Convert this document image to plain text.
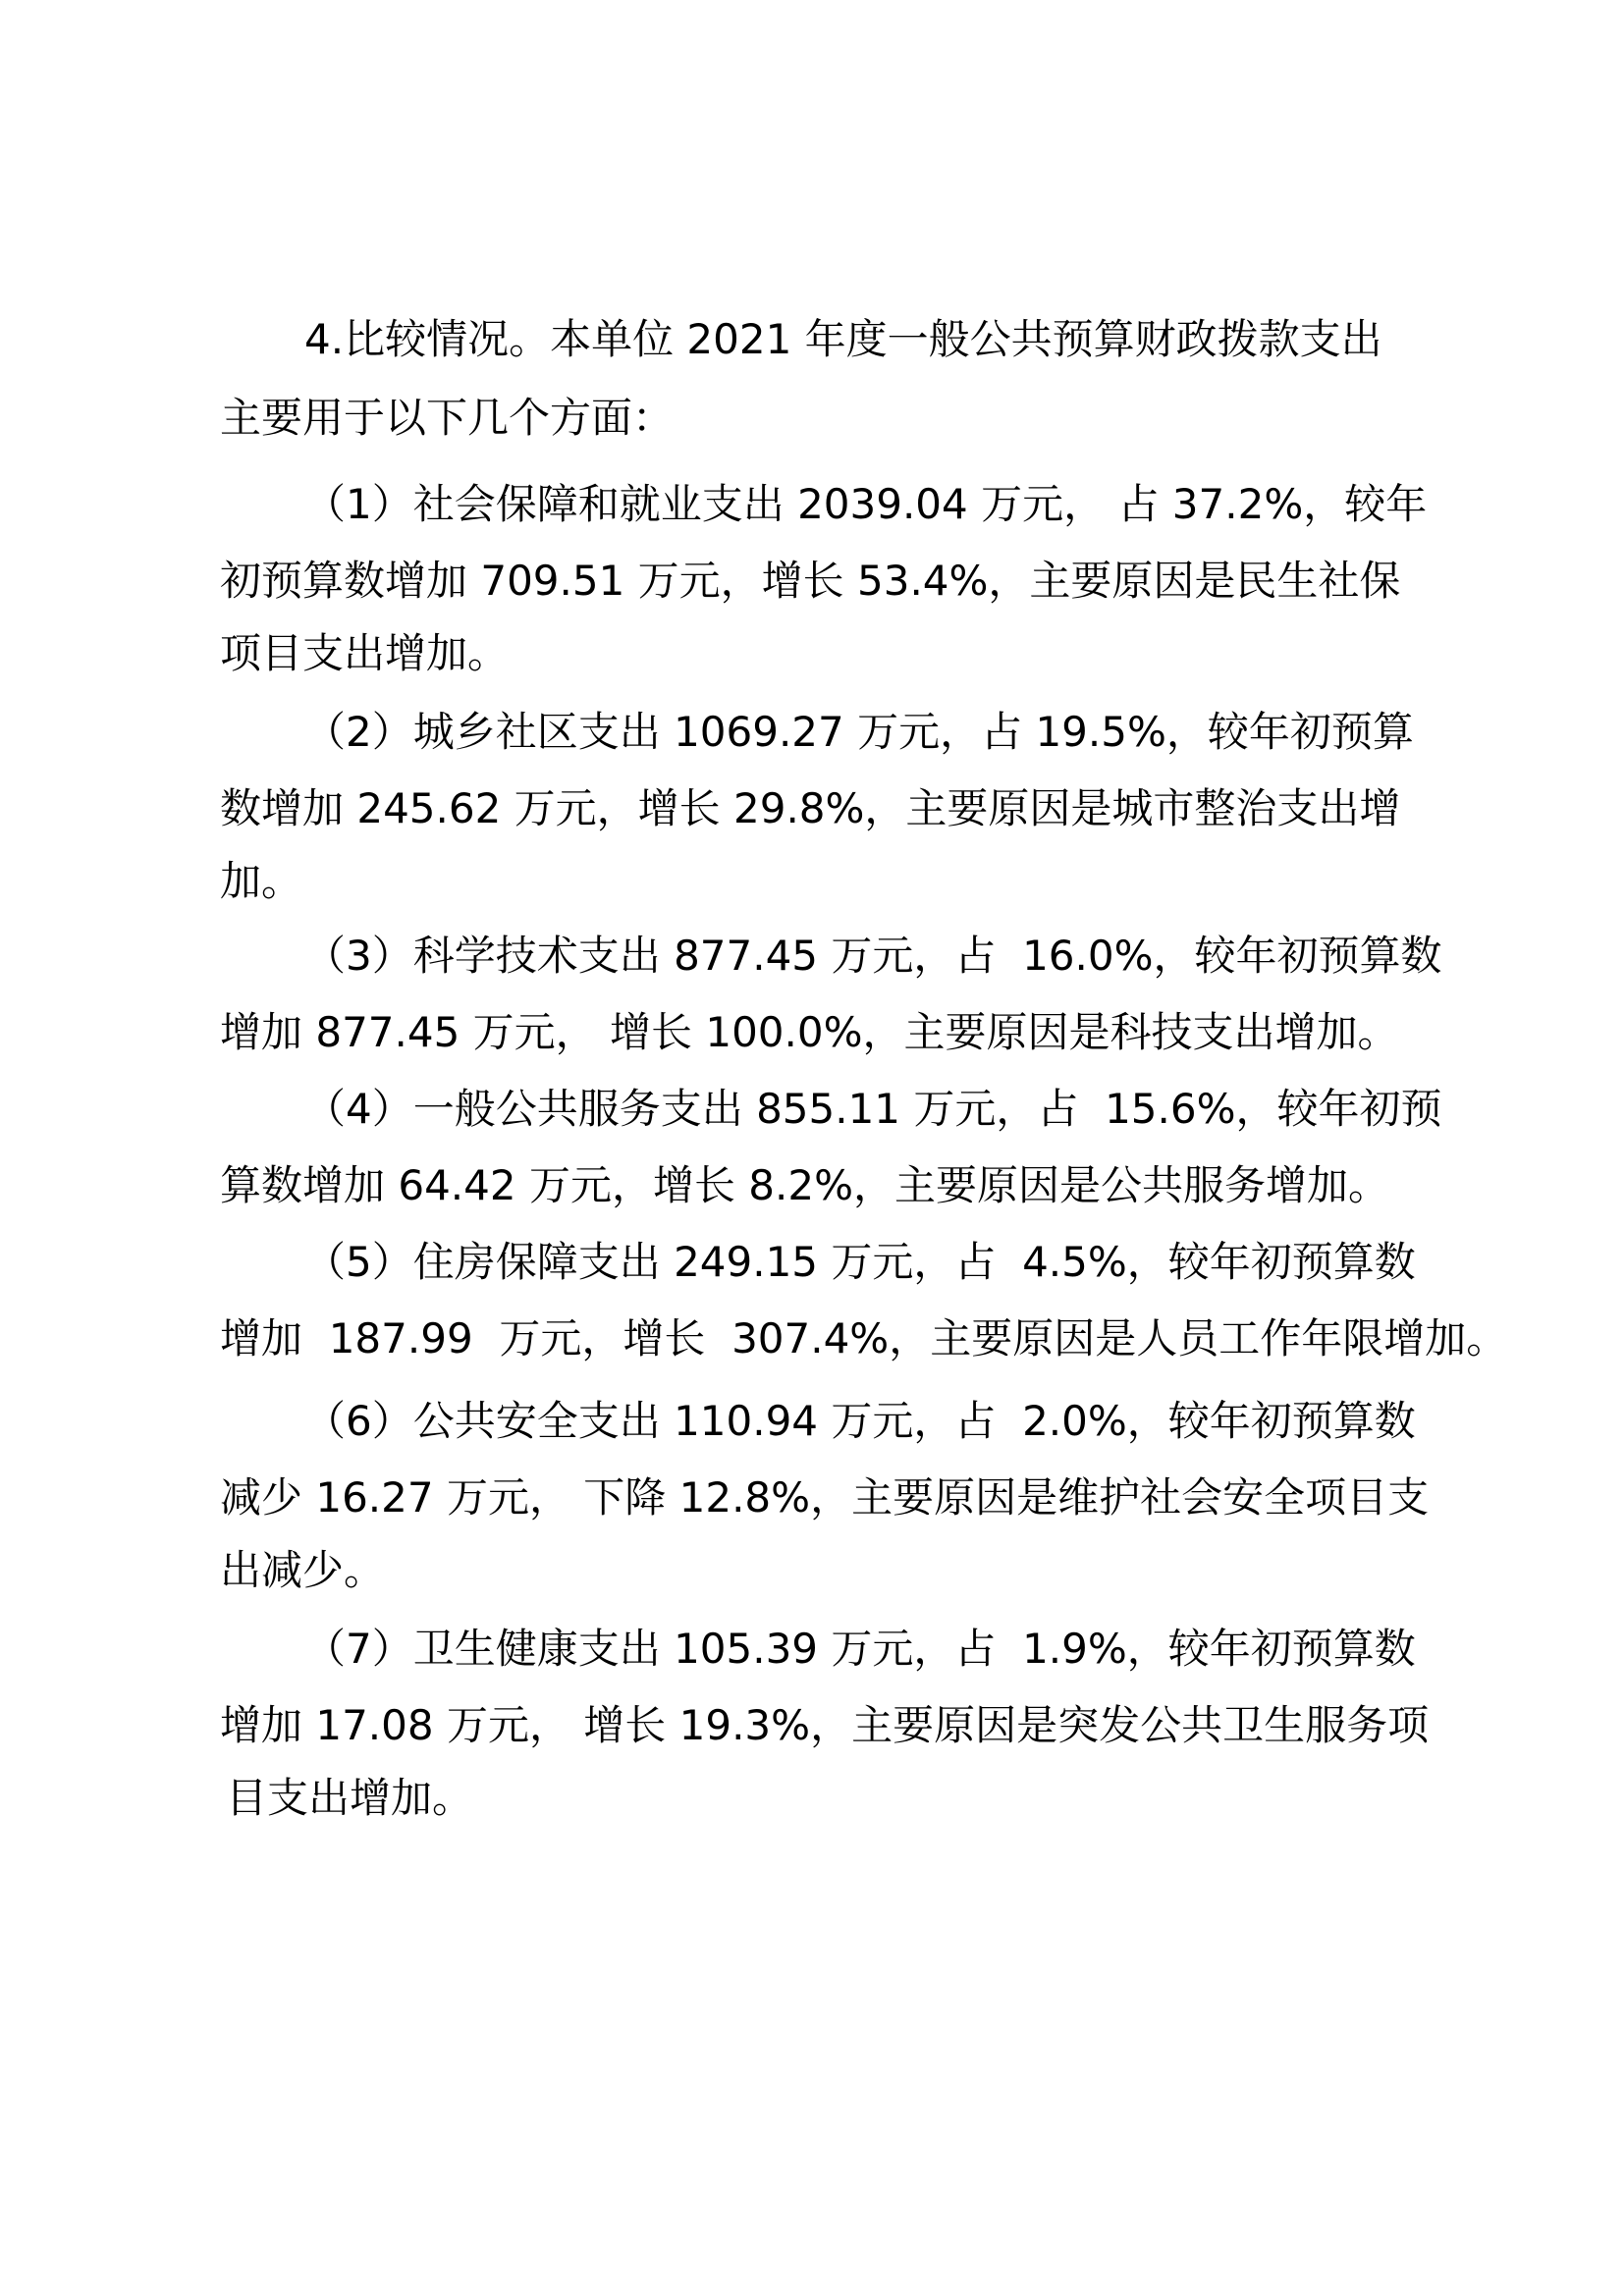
4.比较情况。本单位 2021 年度一般公共预算财政拨款支出
主要用于以下几个方面：
（1）社会保障和就业支出 2039.04 万元， 占 37.2%，较年
初预算数增加 709.51 万元，增长 53.4%，主要原因是民生社保
项目支出增加。
（2）城乡社区支出 1069.27 万元，占 19.5%，较年初预算
数增加 245.62 万元，增长 29.8%，主要原因是城市整治支出增
加。
（3）科学技术支出 877.45 万元，占  16.0%，较年初预算数
增加 877.45 万元， 增长 100.0%，主要原因是科技支出增加。
（4）一般公共服务支出 855.11 万元，占  15.6%，较年初预
算数增加 64.42 万元，增长 8.2%，主要原因是公共服务增加。
（5）住房保障支出 249.15 万元，占  4.5%，较年初预算数
增加  187.99  万元，增长  307.4%，主要原因是人员工作年限增加。
（6）公共安全支出 110.94 万元，占  2.0%，较年初预算数
减少 16.27 万元， 下降 12.8%，主要原因是维护社会安全项目支
出减少。
（7）卫生健康支出 105.39 万元，占  1.9%，较年初预算数
增加 17.08 万元， 增长 19.3%，主要原因是突发公共卫生服务项
目支出增加。
